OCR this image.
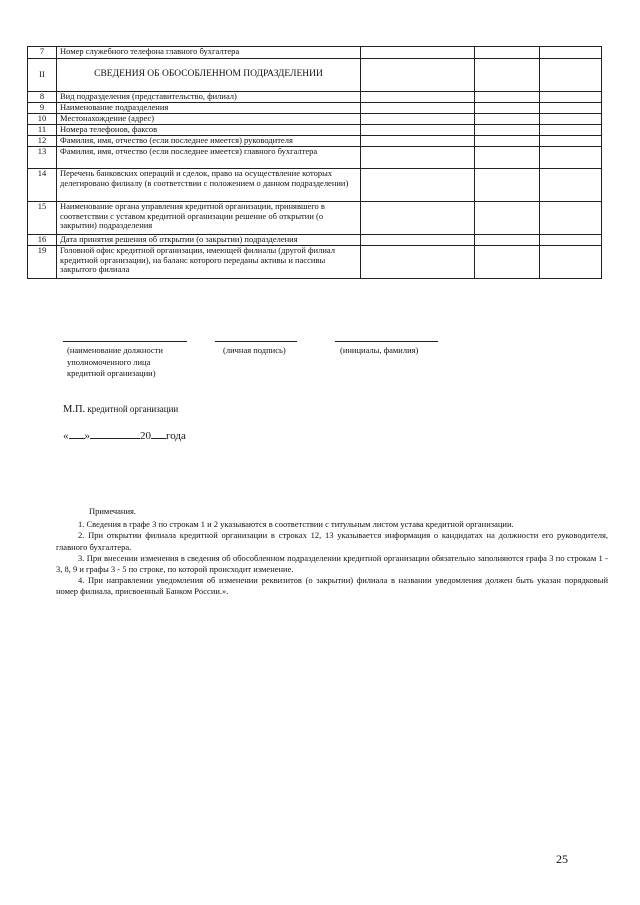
7	Номер служебного телефона главного бухгалтера			
II	СВЕДЕНИЯ ОБ ОБОСОБЛЕННОМ ПОДРАЗДЕЛЕНИИ			
8	Вид подразделения (представительство, филиал)			
9	Наименование подразделения			
10	Местонахождение (адрес)			
11	Номера телефонов, факсов			
12	Фамилия, имя, отчество (если последнее имеется) руководителя			
13	Фамилия, имя, отчество (если последнее имеется) главного бухгалтера			
14	Перечень банковских операций и сделок, право на осуществление которых делегировано филиалу (в соответствии с положением о данном подразделении)			
15	Наименование органа управления кредитной организации, принявшего в соответствии с уставом кредитной организации решение об открытии (о закрытии) подразделения			
16	Дата принятия решения об открытии (о закрытии) подразделения			
19	Головной офис кредитной организации, имеющей филиалы (другой филиал кредитной организации), на баланс которого переданы активы и пассивы закрытого филиала			
(наименование должности уполномоченного лица кредитной организации)
(личная подпись)	(инициалы, фамилия)
М.П. кредитной организации
« »	20 года

Примечания.

1. Сведения в графе 3 по строкам 1 и 2 указываются в соответствии с титульным листом устава кредитной организации.

2. При открытии филиала кредитной организации в строках 12, 13 указывается информация о кандидатах на должности его руководителя, главного бухгалтера.

3. При внесении изменения в сведения об обособленном подразделении кредитной организации обязательно заполняются графа 3 по строкам 1 - 3, 8, 9 и графы 3 - 5 по строке, по которой происходит изменение.

4. При направлении уведомления об изменении реквизитов (о закрытии) филиала в названии уведомления должен быть указан порядковый номер филиала, присвоенный Банком России.».

25
